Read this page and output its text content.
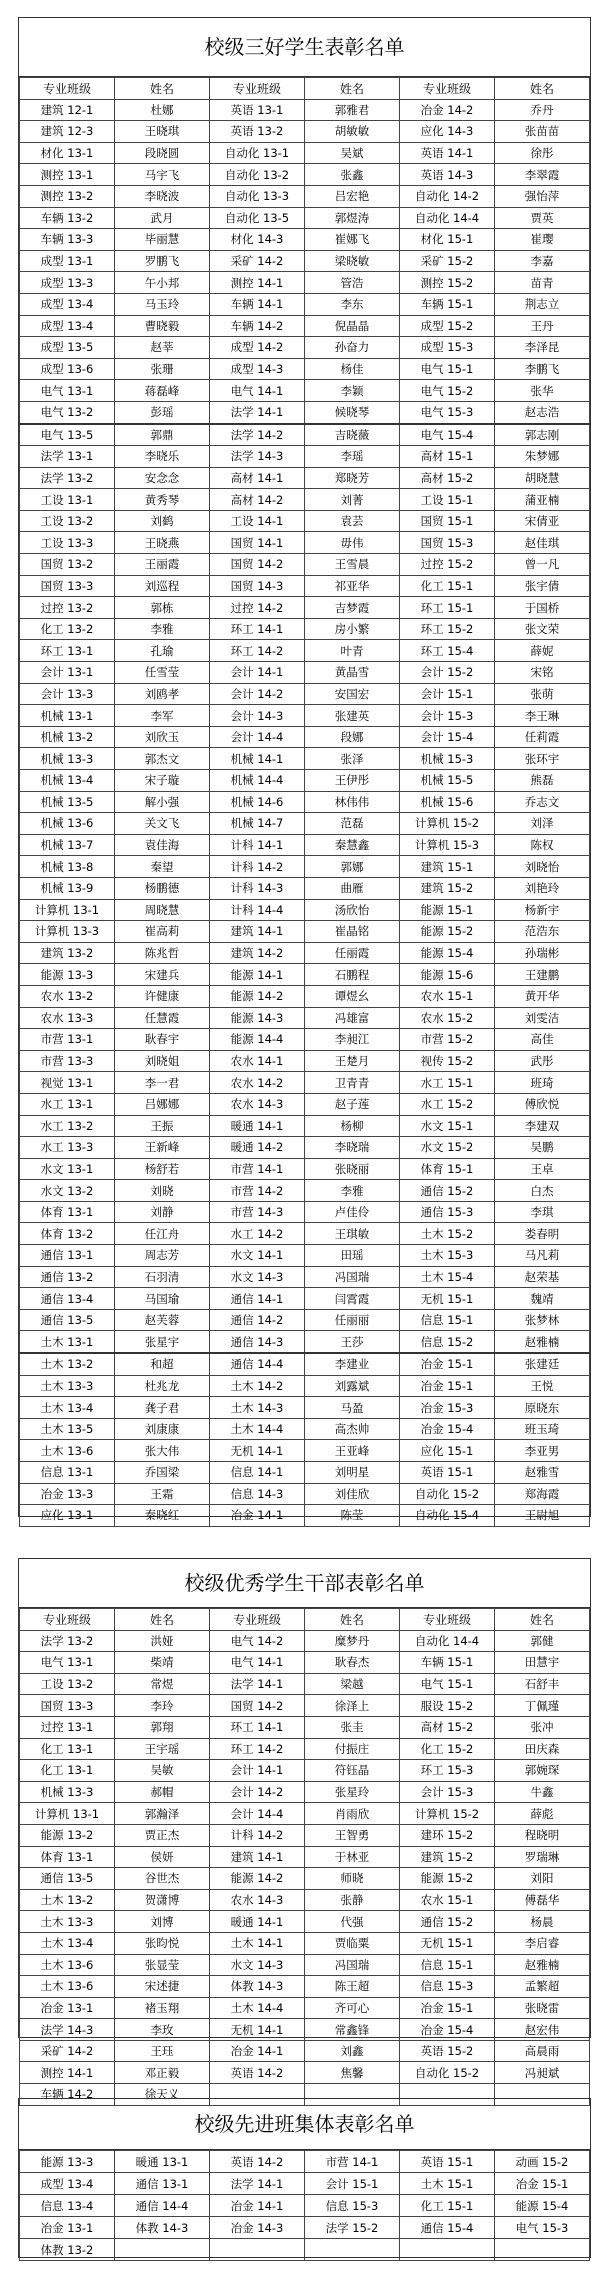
校级三好学生表彰名单
专业班级	姓名	专业班级	姓名	专业班级	姓名
建筑 12-1	杜娜	英语 13-1	郭雅君	冶金 14-2	乔丹
建筑 12-3	王晓琪	英语 13-2	胡敏敏	应化 14-3	张苗苗
材化 13-1	段晓圆	自动化 13-1	吴斌	英语 14-1	徐彤
测控 13-1	马宇飞	自动化 13-2	张鑫	英语 14-3	李翠霞
测控 13-2	李晓波	自动化 13-3	吕宏艳	自动化 14-2	强怡萍
车辆 13-2	武月	自动化 13-5	郭煜涛	自动化 14-4	贾英
车辆 13-3	毕丽慧	材化 14-3	崔娜飞	材化 15-1	崔璎
成型 13-1	罗鹏飞	采矿 14-2	梁晓敏	采矿 15-2	李嘉
成型 13-3	午小邦	测控 14-1	管浩	测控 15-2	苗青
成型 13-4	马玉玲	车辆 14-1	李东	车辆 15-1	荆志立
成型 13-4	曹晓毅	车辆 14-2	倪晶晶	成型 15-2	王丹
成型 13-5	赵莘	成型 14-2	孙奋力	成型 15-3	李泽昆
成型 13-6	张珊	成型 14-3	杨佳	电气 15-1	李鹏飞
电气 13-1	蒋磊峰	电气 14-1	李颖	电气 15-2	张华
电气 13-2	彭瑶	法学 14-1	候晓琴	电气 15-3	赵志浩
电气 13-5	郭鼎	法学 14-2	吉晓薇	电气 15-4	郭志刚
法学 13-1	李晓乐	法学 14-3	李瑶	高材 15-1	朱梦娜
法学 13-2	安念念	高材 14-1	郑晓芳	高材 15-2	胡晓慧
工设 13-1	黄秀琴	高材 14-2	刘菁	工设 15-1	蒲亚楠
工设 13-2	刘鹤	工设 14-1	袁芸	国贸 15-1	宋倩亚
工设 13-3	王晓燕	国贸 14-1	毋伟	国贸 15-3	赵佳琪
国贸 13-2	王丽霞	国贸 14-2	王雪晨	过控 15-2	曾一凡
国贸 13-3	刘巡程	国贸 14-3	祁亚华	化工 15-1	张宇倩
过控 13-2	郭栋	过控 14-2	吉梦霞	环工 15-1	于国桥
化工 13-2	李雅	环工 14-1	房小繁	环工 15-2	张文荣
环工 13-1	孔瑜	环工 14-2	叶青	环工 15-4	薛妮
会计 13-1	任雪莹	会计 14-1	黄晶雪	会计 15-2	宋铭
会计 13-3	刘鸥孝	会计 14-2	安国宏	会计 15-1	张萌
机械 13-1	李军	会计 14-3	张建英	会计 15-3	李王琳
机械 13-2	刘欣玉	会计 14-4	段娜	会计 15-4	任莉霞
机械 13-3	郭杰文	机械 14-1	张泽	机械 15-3	张环宇
机械 13-4	宋子璇	机械 14-4	王伊彤	机械 15-5	熊磊
机械 13-5	解小强	机械 14-6	林伟伟	机械 15-6	乔志文
机械 13-6	关文飞	机械 14-7	范磊	计算机 15-2	刘泽
机械 13-7	袁佳海	计科 14-1	秦慧鑫	计算机 15-3	陈权
机械 13-8	秦望	计科 14-2	郭娜	建筑 15-1	刘晓怡
机械 13-9	杨鹏德	计科 14-3	曲雁	建筑 15-2	刘艳玲
计算机 13-1	周晓慧	计科 14-4	汤欣怡	能源 15-1	杨新宇
计算机 13-3	崔高莉	建筑 14-1	崔晶铭	能源 15-2	范浩东
建筑 13-2	陈兆哲	建筑 14-2	任丽霞	能源 15-4	孙瑞彬
能源 13-3	宋建兵	能源 14-1	石鹏程	能源 15-6	王建鹏
农水 13-2	许健康	能源 14-2	谭煜幺	农水 15-1	黄开华
农水 13-3	任慧霞	能源 14-3	冯雄富	农水 15-2	刘雯洁
市营 13-1	耿春宇	能源 14-4	李昶江	市营 15-2	高佳
市营 13-3	刘晓姐	农水 14-1	王楚月	视传 15-2	武彤
视觉 13-1	李一君	农水 14-2	卫青青	水工 15-1	班琦
水工 13-1	吕娜娜	农水 14-3	赵子莲	水工 15-2	傅欣悦
水工 13-2	王振	暖通 14-1	杨柳	水文 15-1	李建双
水工 13-3	王新峰	暖通 14-2	李晓瑞	水文 15-2	吴鹏
水文 13-1	杨舒若	市营 14-1	张晓丽	体育 15-1	王卓
水文 13-2	刘晓	市营 14-2	李雅	通信 15-2	白杰
体育 13-1	刘静	市营 14-3	卢佳伶	通信 15-3	李琪
体育 13-2	任江舟	水工 14-2	王琪敏	土木 15-2	娄春明
通信 13-1	周志芳	水文 14-1	田瑶	土木 15-3	马凡莉
通信 13-2	石羽清	水文 14-3	冯国瑞	土木 15-4	赵荣基
通信 13-4	马国瑜	通信 14-1	闫霄霞	无机 15-1	魏靖
通信 13-5	赵芙蓉	通信 14-2	任丽丽	信息 15-1	张梦林
土木 13-1	张星宇	通信 14-3	王莎	信息 15-2	赵雅楠
土木 13-2	和超	通信 14-4	李建业	冶金 15-1	张建廷
土木 13-3	杜兆龙	土木 14-2	刘露斌	冶金 15-1	王悦
土木 13-4	龚子君	土木 14-3	马盈	冶金 15-3	原晓东
土木 13-5	刘康康	土木 14-4	高杰帅	冶金 15-4	班玉琦
土木 13-6	张大伟	无机 14-1	王亚峰	应化 15-1	李亚男
信息 13-1	乔国梁	信息 14-1	刘明星	英语 15-1	赵雅雪
冶金 13-3	王霜	信息 14-3	刘佳欣	自动化 15-2	郑海霞
应化 13-1	秦晓红	冶金 14-1	陈莹	自动化 15-4	王尉旭
校级优秀学生干部表彰名单
专业班级	姓名	专业班级	姓名	专业班级	姓名
法学 13-2	洪娅	电气 14-2	糜梦丹	自动化 14-4	郭健
电气 13-1	柴靖	电气 14-1	耿春杰	车辆 15-1	田慧宇
工设 13-2	常煜	法学 14-1	梁越	电气 15-1	石舒丰
国贸 13-3	李玲	国贸 14-2	徐泽上	服设 15-2	丁佩瑾
过控 13-1	郭翔	环工 14-1	张圭	高材 15-2	张冲
化工 13-1	王宇瑶	环工 14-2	付振庄	化工 15-2	田庆森
化工 13-1	吴敏	会计 14-1	符钰晶	环工 15-3	郭婉琛
机械 13-3	郝帽	会计 14-2	张星玲	会计 15-3	牛鑫
计算机 13-1	郭瀚泽	会计 14-4	肖雨欣	计算机 15-2	薛彪
能源 13-2	贾正杰	计科 14-2	王智勇	建环 15-2	程晓明
体育 13-1	侯妍	建筑 14-1	于林亚	建筑 15-2	罗瑞琳
通信 13-5	谷世杰	能源 14-2	师晓	能源 15-2	刘阳
土木 13-2	贺潇博	农水 14-3	张静	农水 15-1	傅磊华
土木 13-3	刘博	暖通 14-1	代强	通信 15-2	杨晨
土木 13-4	张昀悦	土木 14-1	贾临粟	无机 15-1	李启睿
土木 13-6	张显莹	水文 14-3	冯国瑞	信息 15-1	赵雅楠
土木 13-6	宋述捷	体教 14-3	陈王超	信息 15-3	孟繁超
冶金 13-1	褚玉翔	土木 14-4	齐可心	冶金 15-1	张晓雷
法学 14-3	李玫	无机 14-1	常鑫锋	冶金 15-4	赵宏伟
采矿 14-2	王珏	冶金 14-1	刘鑫	英语 15-2	高晨雨
测控 14-1	邓正毅	英语 14-2	焦馨	自动化 15-2	冯昶斌
车辆 14-2	徐天义				
校级先进班集体表彰名单
能源 13-3	暖通 13-1	英语 14-2	市营 14-1	英语 15-1	动画 15-2
成型 13-4	通信 13-1	法学 14-1	会计 15-1	土木 15-1	冶金 15-1
信息 13-4	通信 14-4	冶金 14-1	信息 15-3	化工 15-1	能源 15-4
冶金 13-1	体教 14-3	冶金 14-3	法学 15-2	通信 15-4	电气 15-3
体教 13-2					
